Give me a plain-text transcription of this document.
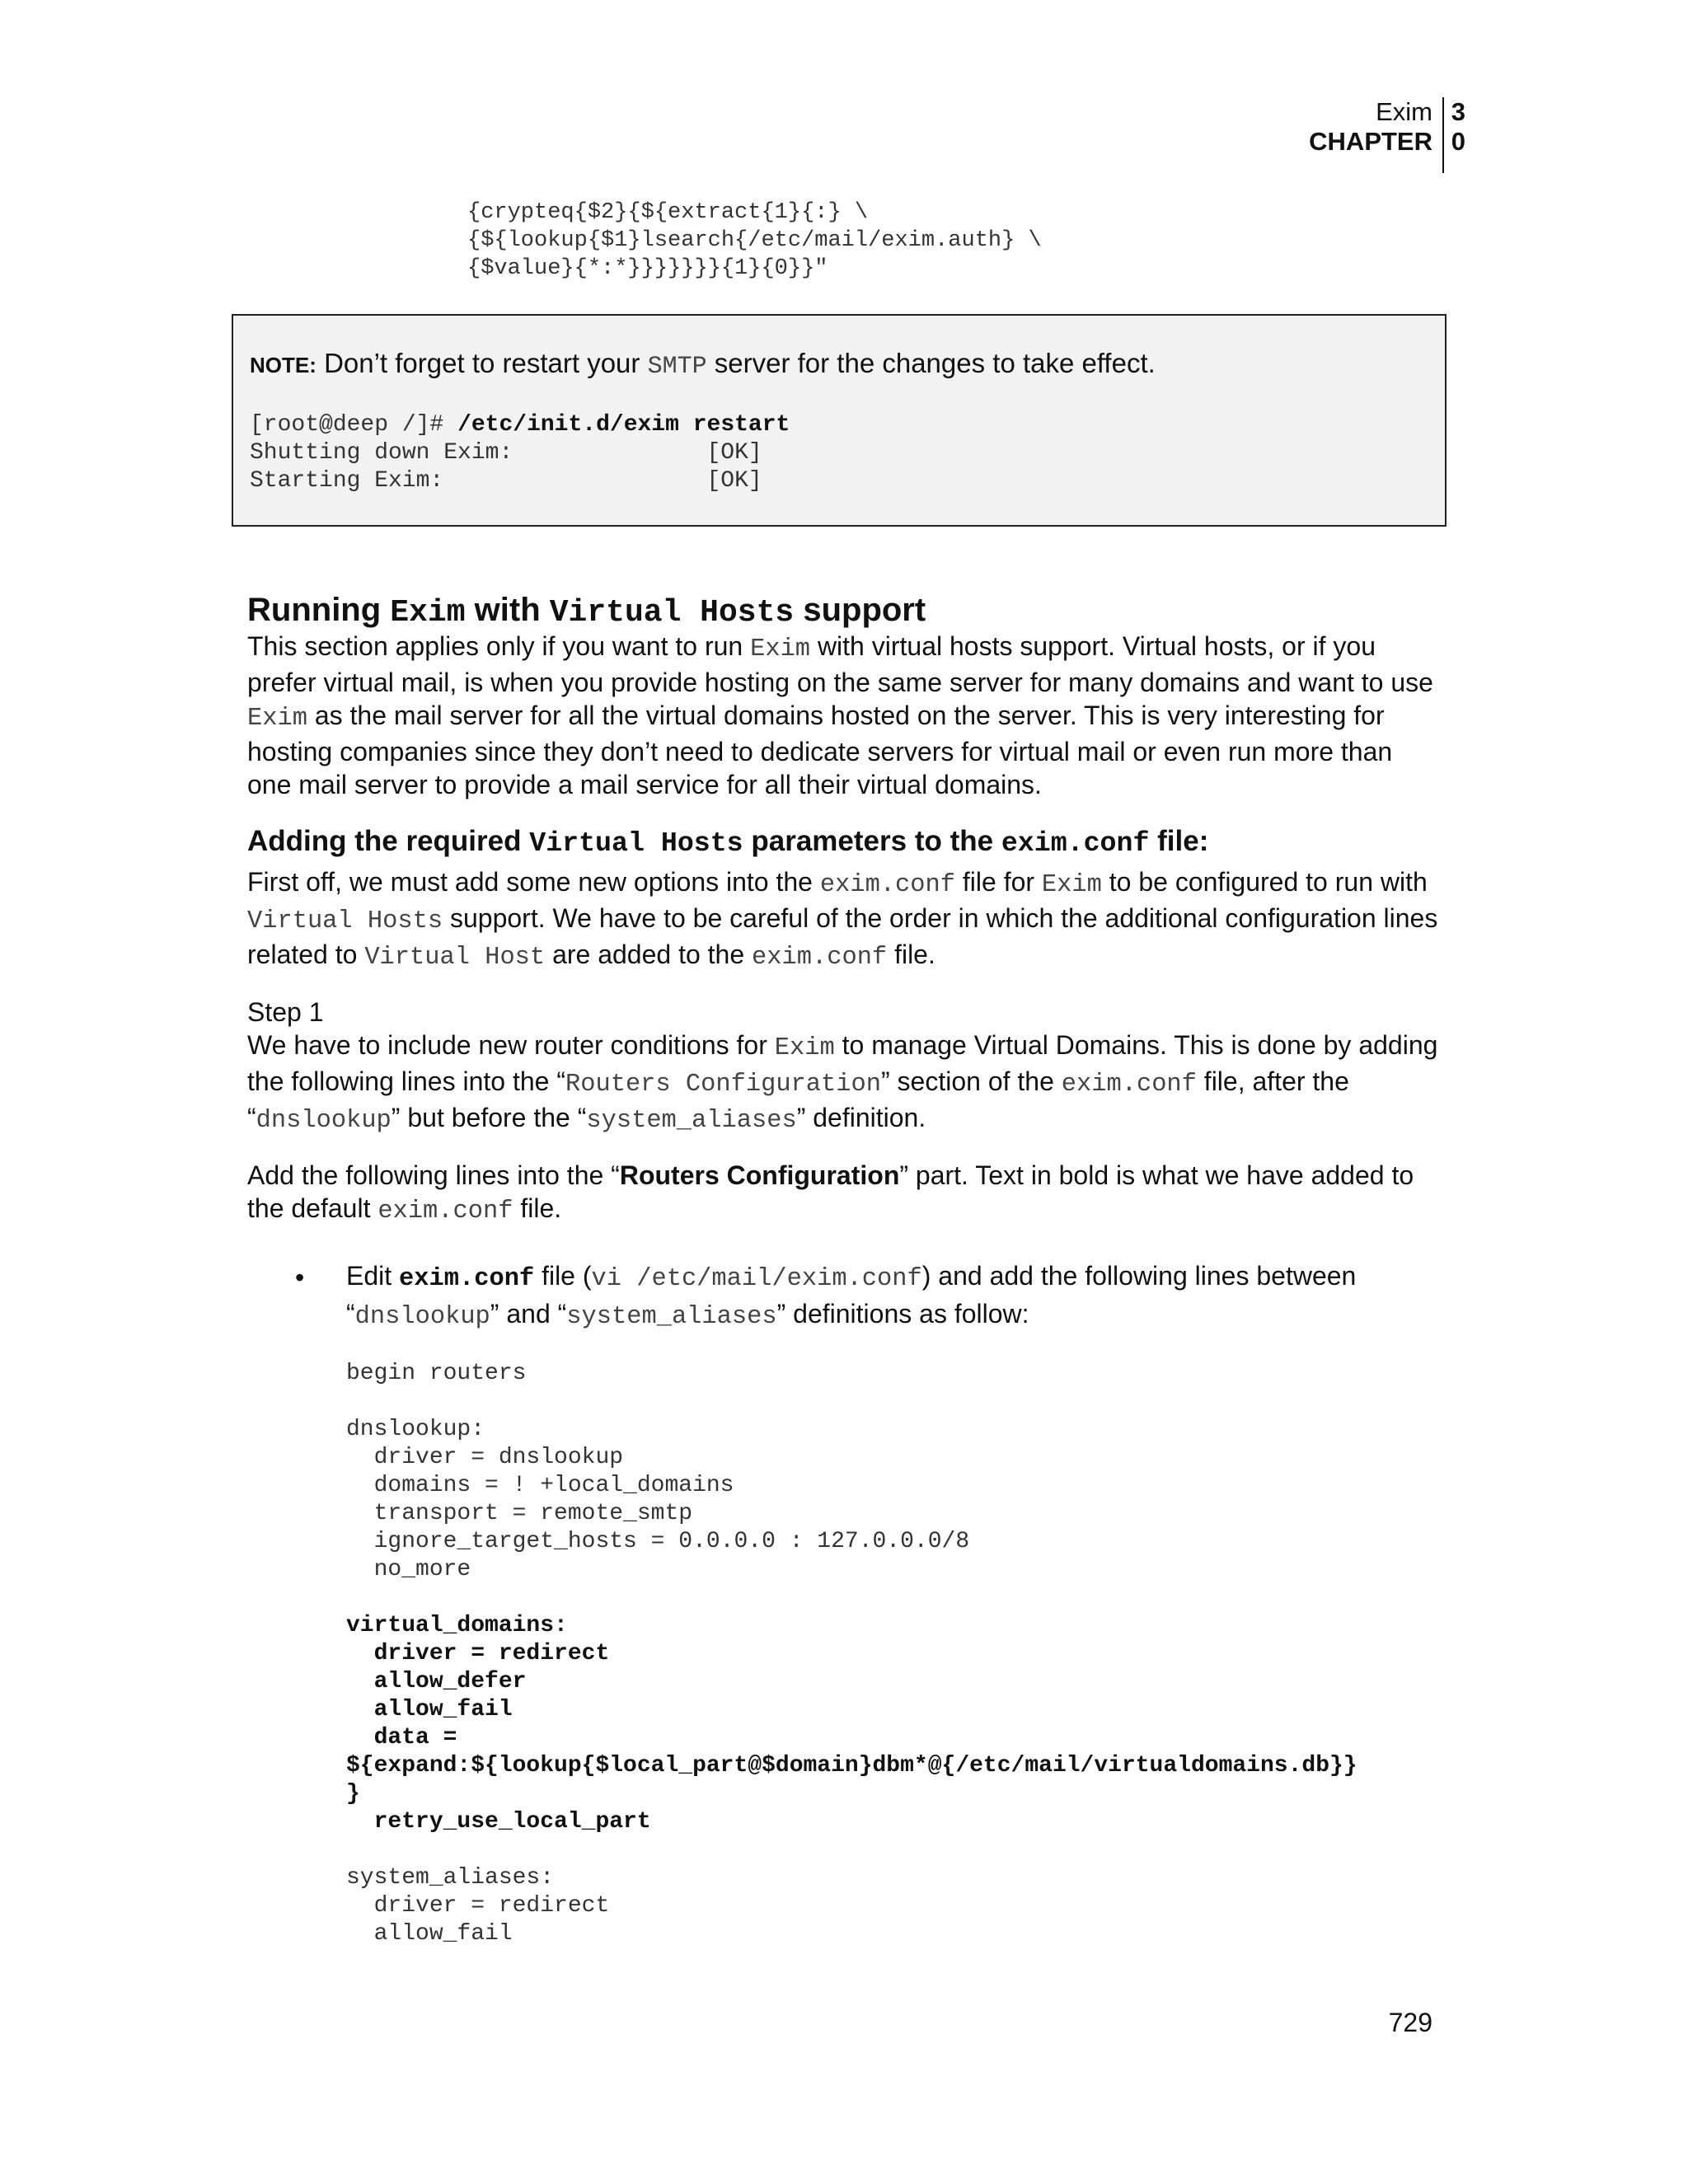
Exim
CHAPTER
3
0
{crypteq{$2}{${extract{1}{:} \
{${lookup{$1}lsearch{/etc/mail/exim.auth} \
{$value}{*:*}}}}}}}{1}{0}}"
NOTE: Don’t forget to restart your SMTP server for the changes to take effect.
[root@deep /]# /etc/init.d/exim restart
Shutting down Exim:              [OK]
Starting Exim:                   [OK]
Running Exim with Virtual Hosts support
This section applies only if you want to run Exim with virtual hosts support. Virtual hosts, or if you prefer virtual mail, is when you provide hosting on the same server for many domains and want to use Exim as the mail server for all the virtual domains hosted on the server. This is very interesting for hosting companies since they don’t need to dedicate servers for virtual mail or even run more than one mail server to provide a mail service for all their virtual domains.
Adding the required Virtual Hosts parameters to the exim.conf file:
First off, we must add some new options into the exim.conf file for Exim to be configured to run with Virtual Hosts support. We have to be careful of the order in which the additional configuration lines related to Virtual Host are added to the exim.conf file.
Step 1
We have to include new router conditions for Exim to manage Virtual Domains. This is done by adding the following lines into the “Routers Configuration” section of the exim.conf file, after the “dnslookup” but before the “system_aliases” definition.
Add the following lines into the “Routers Configuration” part. Text in bold is what we have added to the default exim.conf file.
• Edit exim.conf file (vi /etc/mail/exim.conf) and add the following lines between “dnslookup” and “system_aliases” definitions as follow:
begin routers

dnslookup:
driver = dnslookup
domains = ! +local_domains
transport = remote_smtp
ignore_target_hosts = 0.0.0.0 : 127.0.0.0/8
no_more

virtual_domains:
driver = redirect
allow_defer
allow_fail
data =
${expand:${lookup{$local_part@$domain}dbm*@{/etc/mail/virtualdomains.db}}
}
retry_use_local_part

system_aliases:
driver = redirect
allow_fail
729
